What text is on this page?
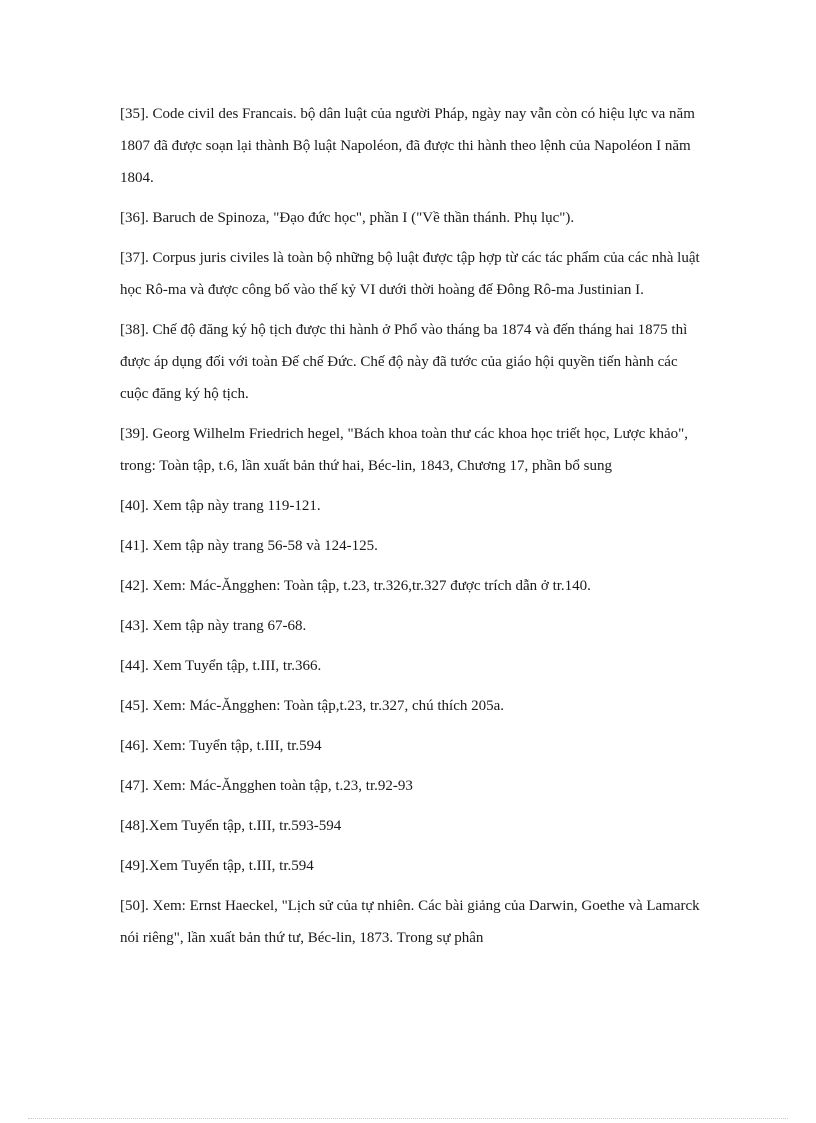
[35]. Code civil des Francais. bộ dân luật của người Pháp, ngày nay vẫn còn có hiệu lực va năm 1807 đã được soạn lại thành Bộ luật Napoléon, đã được thi hành theo lệnh của Napoléon I năm 1804.
[36]. Baruch de Spinoza, "Đạo đức học", phần I ("Về thần thánh. Phụ lục").
[37]. Corpus juris civiles là toàn bộ những bộ luật được tập hợp từ các tác phẩm của các nhà luật học Rô-ma và được công bố vào thế kỷ VI dưới thời hoàng đế Đông Rô-ma Justinian I.
[38]. Chế độ đăng ký hộ tịch được thi hành ở Phổ vào tháng ba 1874 và đến tháng hai 1875 thì được áp dụng đối với toàn Đế chế Đức. Chế độ này đã tước của giáo hội quyền tiến hành các cuộc đăng ký hộ tịch.
[39]. Georg Wilhelm Friedrich hegel, "Bách khoa toàn thư các khoa học triết học, Lược khảo", trong: Toàn tập, t.6, lần xuất bản thứ hai, Béc-lin, 1843, Chương 17, phần bổ sung
[40]. Xem tập này trang 119-121.
[41]. Xem tập này trang 56-58 và 124-125.
[42]. Xem: Mác-Ăngghen: Toàn tập, t.23, tr.326,tr.327 được trích dẫn ở tr.140.
[43]. Xem tập này trang 67-68.
[44]. Xem Tuyển tập, t.III, tr.366.
[45]. Xem: Mác-Ăngghen: Toàn tập,t.23, tr.327, chú thích 205a.
[46]. Xem: Tuyển tập, t.III, tr.594
[47]. Xem: Mác-Ăngghen toàn tập, t.23, tr.92-93
[48].Xem Tuyển tập, t.III, tr.593-594
[49].Xem Tuyển tập, t.III, tr.594
[50]. Xem: Ernst Haeckel, "Lịch sử của tự nhiên. Các bài giảng của Darwin, Goethe và Lamarck nói riêng", lần xuất bản thứ tư, Béc-lin, 1873. Trong sự phân
